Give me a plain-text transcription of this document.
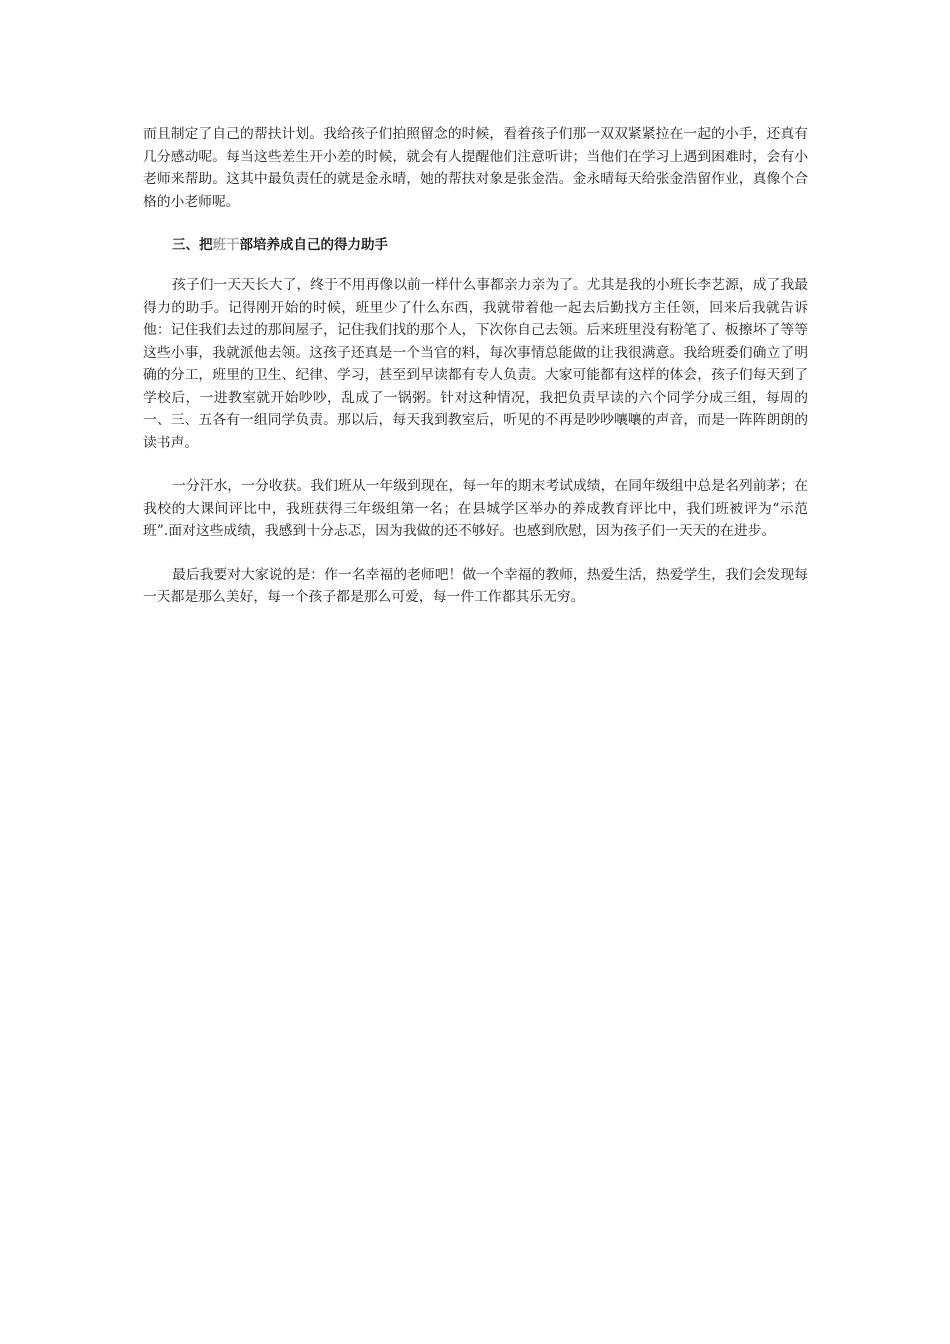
而且制定了自己的帮扶计划。我给孩子们拍照留念的时候，看着孩子们那一双双紧紧拉在一起的小手，还真有几分感动呢。每当这些差生开小差的时候，就会有人提醒他们注意听讲；当他们在学习上遇到困难时，会有小老师来帮助。这其中最负责任的就是金永晴，她的帮扶对象是张金浩。金永晴每天给张金浩留作业，真像个合格的小老师呢。

三、把班干部培养成自己的得力助手

孩子们一天天长大了，终于不用再像以前一样什么事都亲力亲为了。尤其是我的小班长李艺源，成了我最得力的助手。记得刚开始的时候，班里少了什么东西，我就带着他一起去后勤找方主任领，回来后我就告诉他：记住我们去过的那间屋子，记住我们找的那个人，下次你自己去领。后来班里没有粉笔了、板擦坏了等等这些小事，我就派他去领。这孩子还真是一个当官的料，每次事情总能做的让我很满意。我给班委们确立了明确的分工，班里的卫生、纪律、学习，甚至到早读都有专人负责。大家可能都有这样的体会，孩子们每天到了学校后，一进教室就开始吵吵，乱成了一锅粥。针对这种情况，我把负责早读的六个同学分成三组，每周的一、三、五各有一组同学负责。那以后，每天我到教室后，听见的不再是吵吵嚷嚷的声音，而是一阵阵朗朗的读书声。

一分汗水，一分收获。我们班从一年级到现在，每一年的期末考试成绩，在同年级组中总是名列前茅；在我校的大课间评比中，我班获得三年级组第一名；在县城学区举办的养成教育评比中，我们班被评为“示范班”.面对这些成绩，我感到十分忐忑，因为我做的还不够好。也感到欣慰，因为孩子们一天天的在进步。

最后我要对大家说的是：作一名幸福的老师吧！做一个幸福的教师，热爱生活，热爱学生，我们会发现每一天都是那么美好，每一个孩子都是那么可爱，每一件工作都其乐无穷。
